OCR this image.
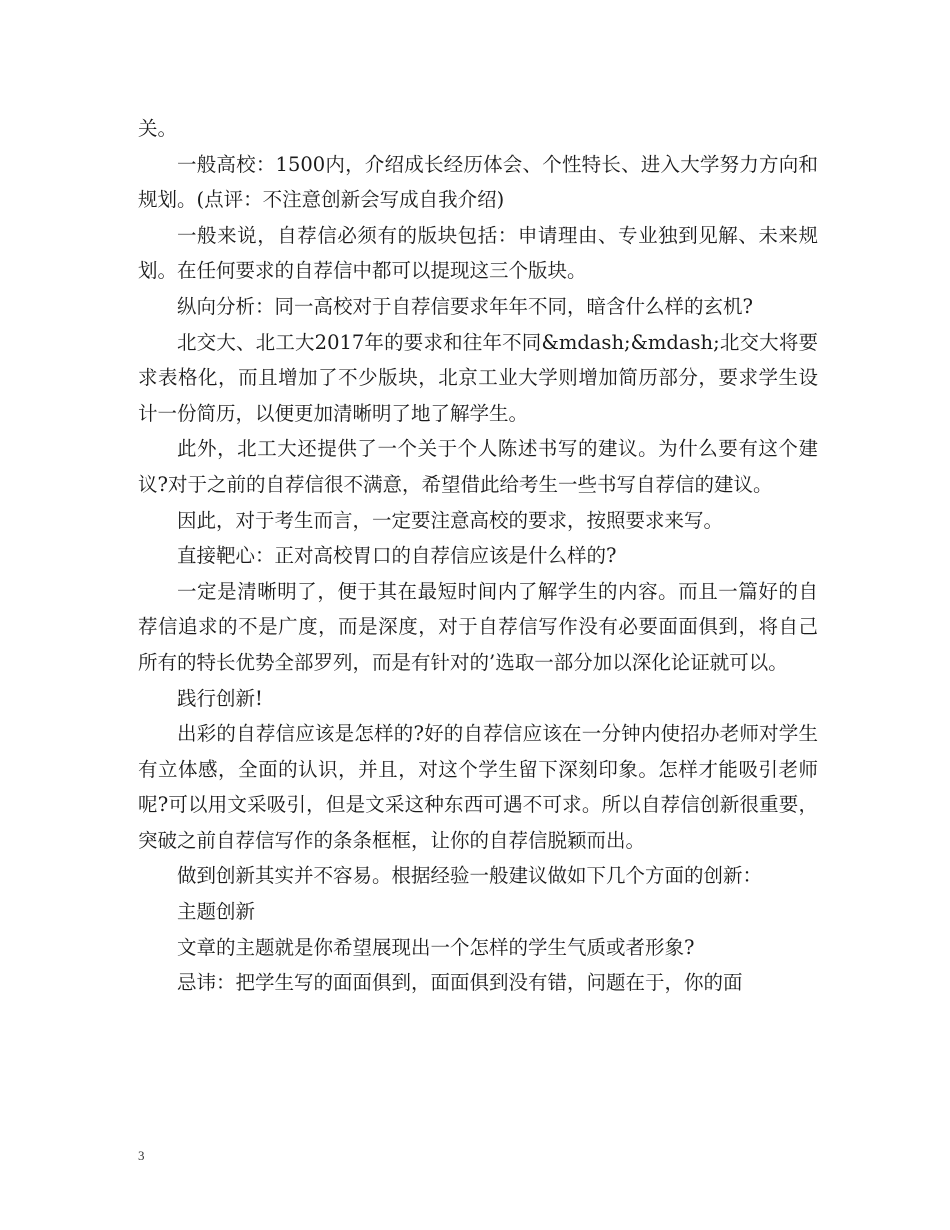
关。

一般高校：1500内，介绍成长经历体会、个性特长、进入大学努力方向和规划。(点评：不注意创新会写成自我介绍)

一般来说，自荐信必须有的版块包括：申请理由、专业独到见解、未来规划。在任何要求的自荐信中都可以提现这三个版块。

纵向分析：同一高校对于自荐信要求年年不同，暗含什么样的玄机?

北交大、北工大2017年的要求和往年不同&mdash;&mdash;北交大将要求表格化，而且增加了不少版块，北京工业大学则增加简历部分，要求学生设计一份简历，以便更加清晰明了地了解学生。

此外，北工大还提供了一个关于个人陈述书写的建议。为什么要有这个建议?对于之前的自荐信很不满意，希望借此给考生一些书写自荐信的建议。

因此，对于考生而言，一定要注意高校的要求，按照要求来写。

直接靶心：正对高校胃口的自荐信应该是什么样的?

一定是清晰明了，便于其在最短时间内了解学生的内容。而且一篇好的自荐信追求的不是广度，而是深度，对于自荐信写作没有必要面面俱到，将自己所有的特长优势全部罗列，而是有针对的’选取一部分加以深化论证就可以。

践行创新!

出彩的自荐信应该是怎样的?好的自荐信应该在一分钟内使招办老师对学生有立体感，全面的认识，并且，对这个学生留下深刻印象。怎样才能吸引老师呢?可以用文采吸引，但是文采这种东西可遇不可求。所以自荐信创新很重要，突破之前自荐信写作的条条框框，让你的自荐信脱颖而出。

做到创新其实并不容易。根据经验一般建议做如下几个方面的创新：

主题创新

文章的主题就是你希望展现出一个怎样的学生气质或者形象?

忌讳：把学生写的面面俱到，面面俱到没有错，问题在于，你的面

3
